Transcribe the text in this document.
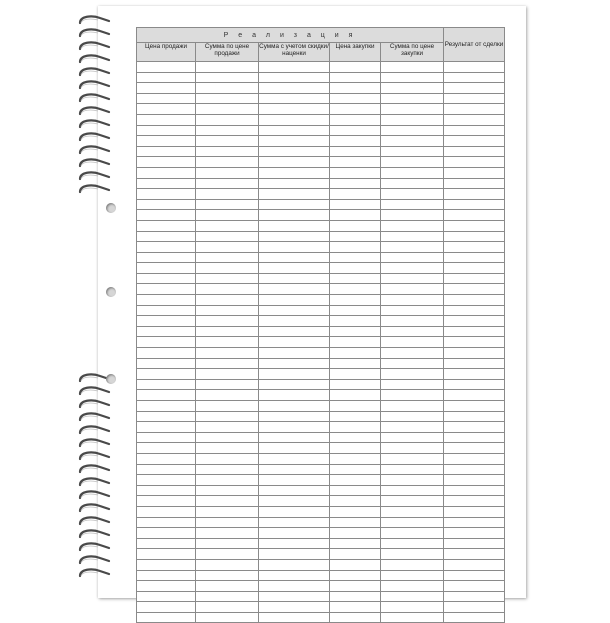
Р е а л и з а ц и я					Результат от сделки
Цена продажи	Сумма по цене продажи	Сумма с учетом скидки/наценки	Цена закупки	Сумма по цене закупки	
